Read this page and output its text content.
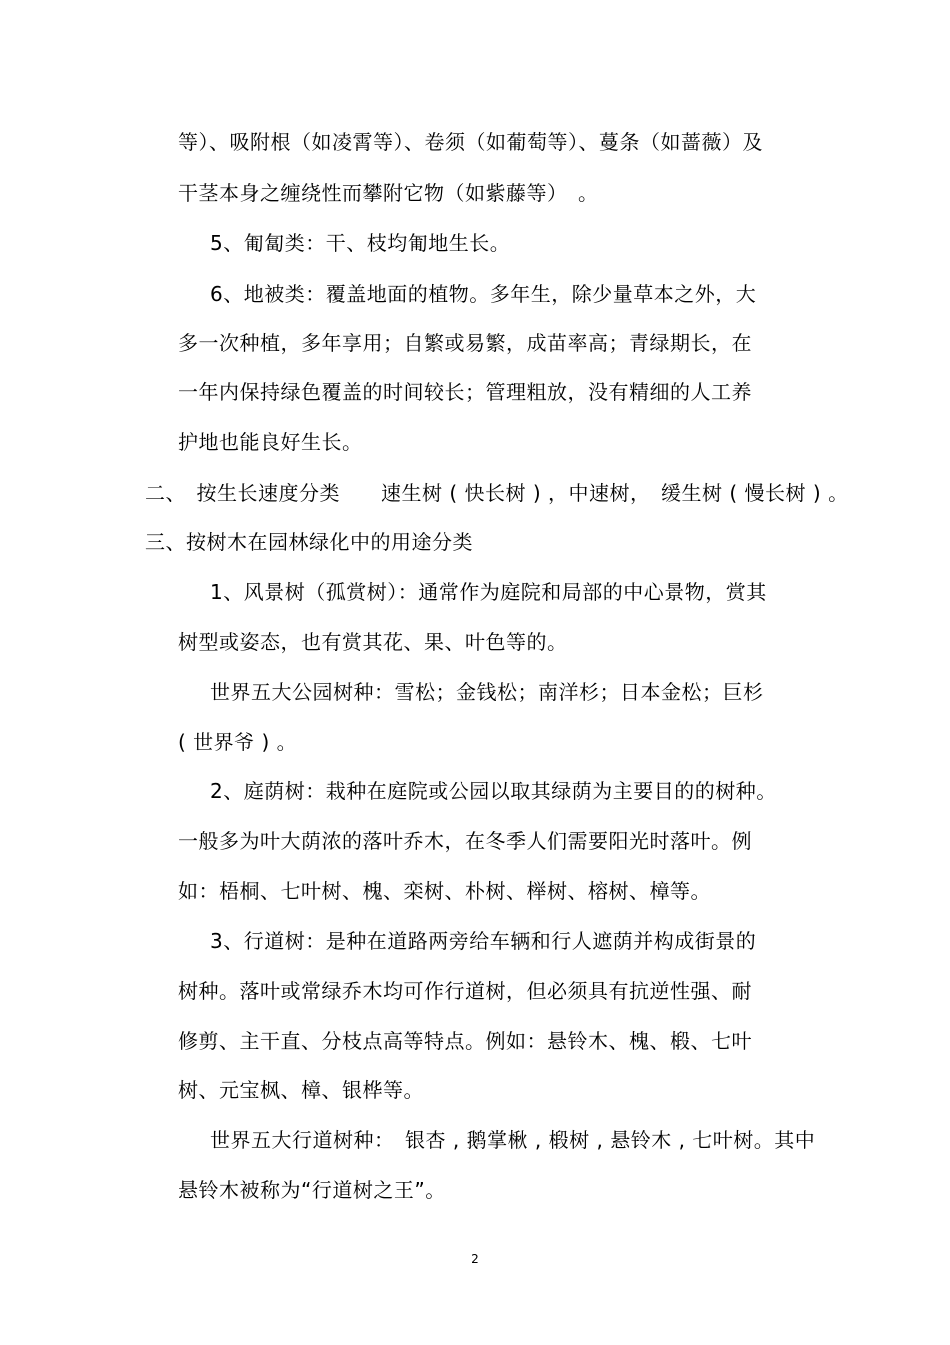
等）、吸附根（如凌霄等）、卷须（如葡萄等）、蔓条（如蔷薇）及
干茎本身之缠绕性而攀附它物（如紫藤等）　。
5、匍匐类：干、枝均匍地生长。
6、地被类：覆盖地面的植物。多年生，除少量草本之外，大
多一次种植，多年享用；自繁或易繁，成苗率高；青绿期长，在
一年内保持绿色覆盖的时间较长；管理粗放，没有精细的人工养
护地也能良好生长。
二、　按生长速度分类　　速生树 ( 快长树 ) ，中速树，　缓生树 ( 慢长树 ) 。
三、按树木在园林绿化中的用途分类
1、风景树（孤赏树）：通常作为庭院和局部的中心景物，赏其
树型或姿态，也有赏其花、果、叶色等的。
世界五大公园树种：雪松；金钱松；南洋杉；日本金松；巨杉
( 世界爷 ) 。
2、庭荫树：栽种在庭院或公园以取其绿荫为主要目的的树种。
一般多为叶大荫浓的落叶乔木，在冬季人们需要阳光时落叶。例
如：梧桐、七叶树、槐、栾树、朴树、榉树、榕树、樟等。
3、行道树：是种在道路两旁给车辆和行人遮荫并构成街景的
树种。落叶或常绿乔木均可作行道树，但必须具有抗逆性强、耐
修剪、主干直、分枝点高等特点。例如：悬铃木、槐、椴、七叶
树、元宝枫、樟、银桦等。
世界五大行道树种：　银杏 , 鹅掌楸 , 椴树 , 悬铃木 , 七叶树。其中
悬铃木被称为“行道树之王”。
2
